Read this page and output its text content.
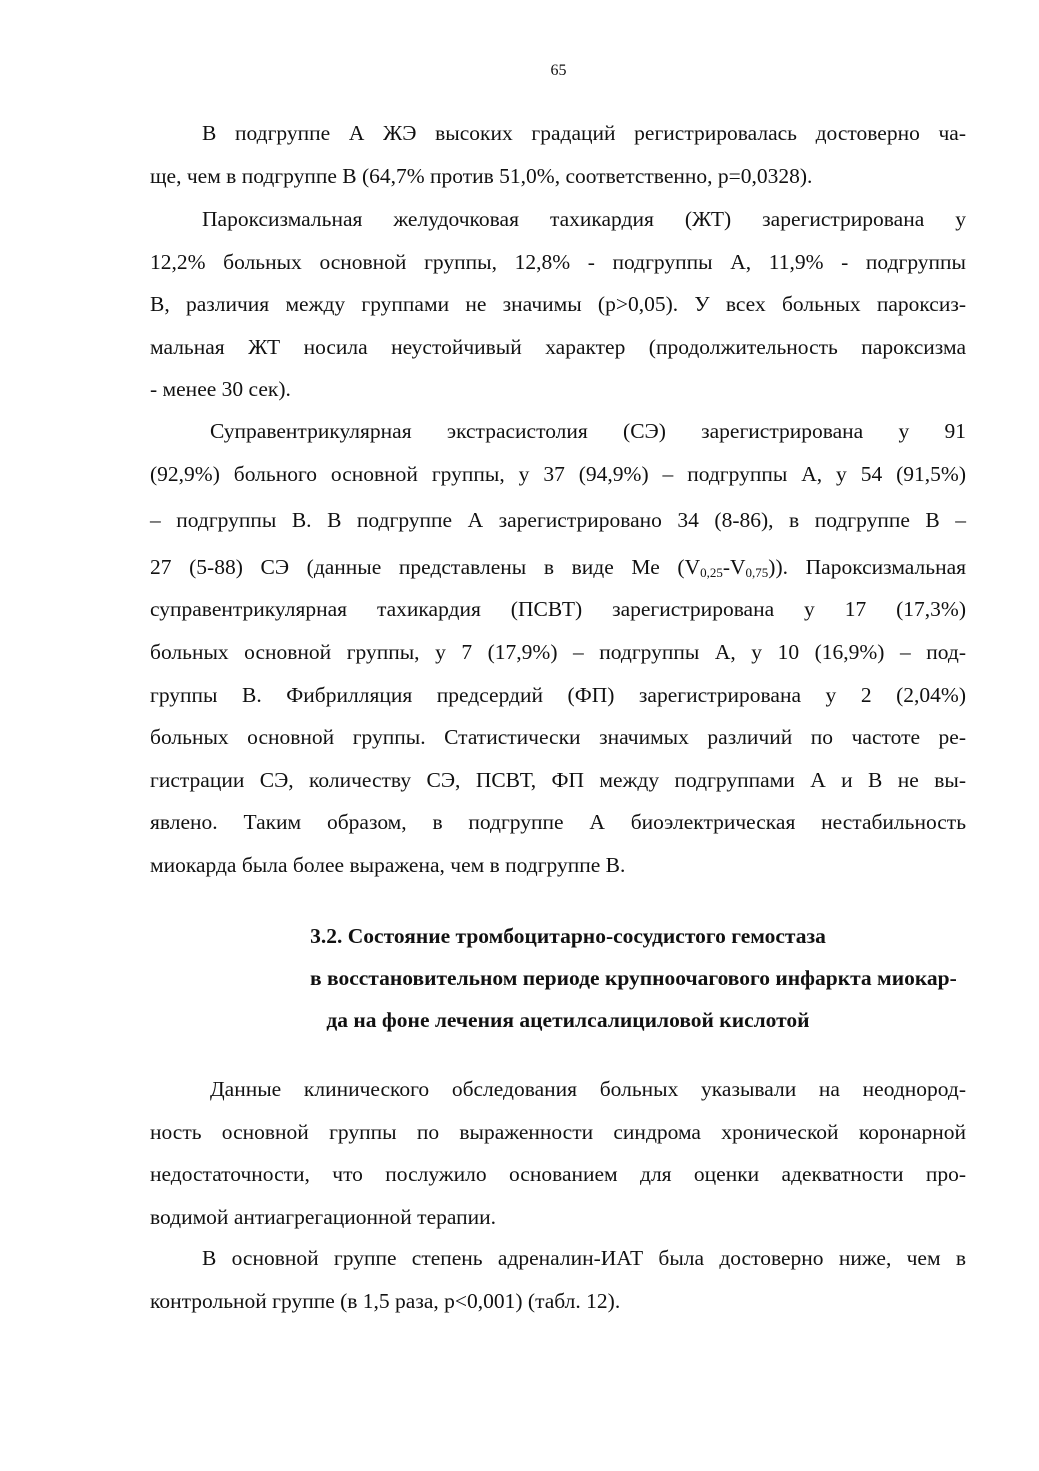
65
В подгруппе А ЖЭ высоких градаций регистрировалась достоверно ча-
ще, чем в подгруппе В (64,7% против 51,0%, соответственно, р=0,0328).
Пароксизмальная желудочковая тахикардия (ЖТ) зарегистрирована у
12,2% больных основной группы, 12,8% - подгруппы А, 11,9% - подгруппы
В, различия между группами не значимы (р>0,05). У всех больных пароксиз-
мальная ЖТ носила неустойчивый характер (продолжительность пароксизма
- менее 30 сек).
Суправентрикулярная экстрасистолия (СЭ) зарегистрирована у 91
(92,9%) больного основной группы, у 37 (94,9%) – подгруппы А, у 54 (91,5%)
– подгруппы В. В подгруппе А зарегистрировано 34 (8-86), в подгруппе В –
27 (5-88) СЭ (данные представлены в виде Ме $(V_{0,25}-V_{0,75})$). Пароксизмальная
суправентрикулярная тахикардия (ПСВТ) зарегистрирована у 17 (17,3%)
больных основной группы, у 7 (17,9%) – подгруппы А, у 10 (16,9%) – под-
группы В. Фибрилляция предсердий (ФП) зарегистрирована у 2 (2,04%)
больных основной группы. Статистически значимых различий по частоте ре-
гистрации СЭ, количеству СЭ, ПСВТ, ФП между подгруппами А и В не вы-
явлено. Таким образом, в подгруппе А биоэлектрическая нестабильность
миокарда была более выражена, чем в подгруппе В.
3.2. Состояние тромбоцитарно-сосудистого гемостаза
в восстановительном периоде крупноочагового инфаркта миокар-
да на фоне лечения ацетилсалициловой кислотой
Данные клинического обследования больных указывали на неоднород-
ность основной группы по выраженности синдрома хронической коронарной
недостаточности, что послужило основанием для оценки адекватности про-
водимой антиагрегационной терапии.
В основной группе степень адреналин-ИАТ была достоверно ниже, чем в
контрольной группе (в 1,5 раза, р<0,001) (табл. 12).
